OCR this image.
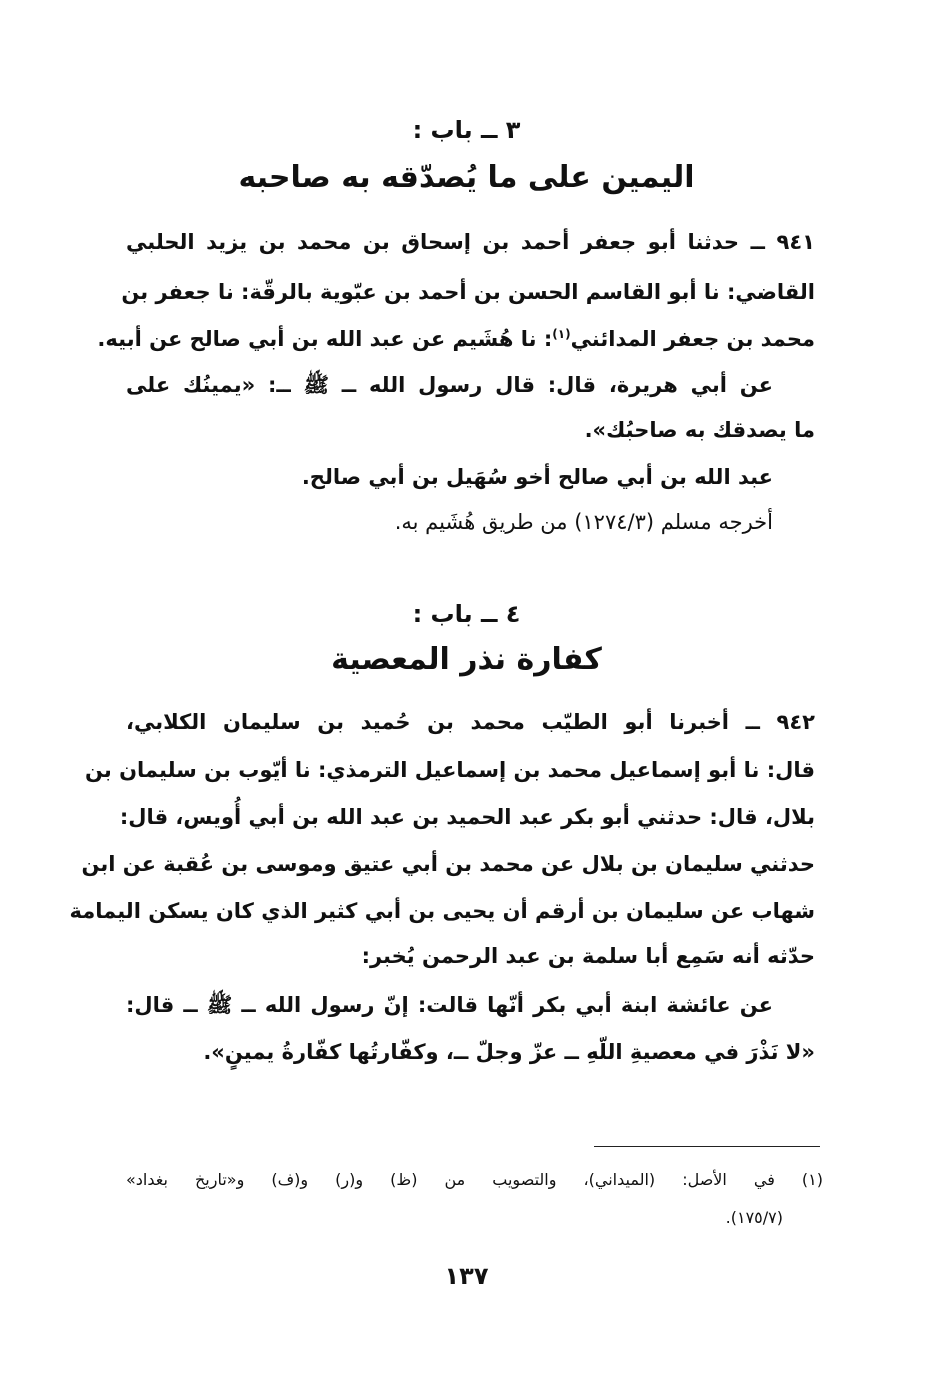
٣ ــ باب :
اليمين على ما يُصدّقه به صاحبه
٩٤١ ــ حدثنا أبو جعفر أحمد بن إسحاق بن محمد بن يزيد الحلبي
القاضي: نا أبو القاسم الحسن بن أحمد بن عبّوية بالرقّة: نا جعفر بن
محمد بن جعفر المدائني$^{(١)}$: نا هُشَيم عن عبد الله بن أبي صالح عن أبيه.
عن أبي هريرة، قال: قال رسول الله ــ ﷺ ــ: «يمينُك على
ما يصدقك به صاحبُك».
عبد الله بن أبي صالح أخو سُهَيل بن أبي صالح.
أخرجه مسلم (١٢٧٤/٣) من طريق هُشَيم به.
٤ ــ باب :
كفارة نذر المعصية
٩٤٢ ــ أخبرنا أبو الطيّب محمد بن حُميد بن سليمان الكلابي،
قال: نا أبو إسماعيل محمد بن إسماعيل الترمذي: نا أيّوب بن سليمان بن
بلال، قال: حدثني أبو بكر عبد الحميد بن عبد الله بن أبي أُويس، قال:
حدثني سليمان بن بلال عن محمد بن أبي عتيق وموسى بن عُقبة عن ابن
شهاب عن سليمان بن أرقم أن يحيى بن أبي كثير الذي كان يسكن اليمامة
حدّثه أنه سَمِع أبا سلمة بن عبد الرحمن يُخبر:
عن عائشة ابنة أبي بكر أنّها قالت: إنّ رسول الله ــ ﷺ ــ قال:
«لا نَذْرَ في معصيةِ اللّهِ ــ عزّ وجلّ ــ، وكفّارتُها كفّارةُ يمينٍ».
(١) في الأصل: (الميداني)، والتصويب من (ظ) و(ر) و(ف) و«تاريخ بغداد»
(١٧٥/٧).
١٣٧
